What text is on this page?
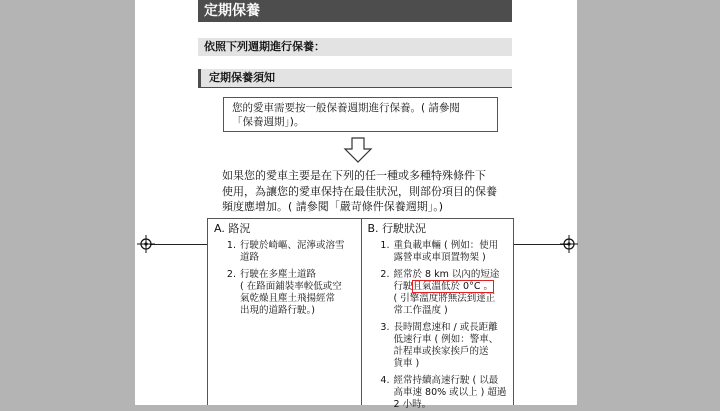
定期保養
依照下列週期進行保養：
定期保養須知
您的愛車需要按一般保養週期進行保養。( 請參閱
「保養週期」)。
如果您的愛車主要是在下列的任一種或多種特殊條件下
使用，為讓您的愛車保持在最佳狀況，則部份項目的保養
頻度應增加。( 請參閱「嚴苛條件保養週期」。)
A. 路況
1. 行駛於崎嶇、泥濘或溶雪
道路
2. 行駛在多塵土道路
( 在路面鋪裝率較低或空
氣乾燥且塵土飛揚經常
出現的道路行駛。)
B. 行駛狀況
1. 重負載車輛 ( 例如：使用
露營車或車頂置物架 )
2. 經常於 8 km 以內的短途
行駛且氣溫低於 0°C 。
( 引擎溫度將無法到達正
常工作溫度 )
3. 長時間怠速和 / 或長距離
低速行車 ( 例如：警車、
計程車或挨家挨戶的送
貨車 )
4. 經常持續高速行駛 ( 以最
高車速 80% 或以上 ) 超過
2 小時。
